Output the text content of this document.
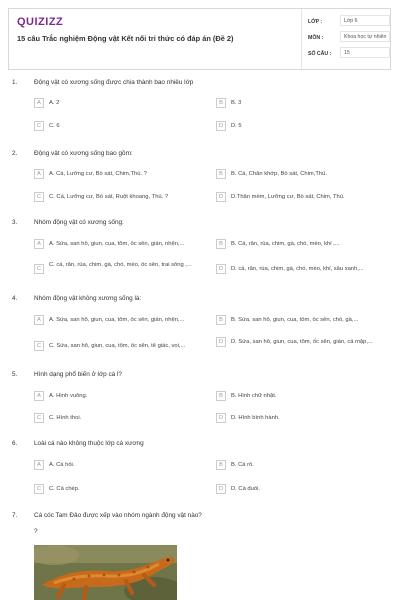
QUIZIZZ
15 câu Trắc nghiệm Động vật Kết nối tri thức có đáp án (Đề 2)
LỚP :	Lớp 6
MÔN :	Khoa học tự nhiên
SỐ CÂU :	15
1.	Động vật có xương sống được chia thành bao nhiêu lớp
A	A. 2	B	B. 3
C	C. 6	D	D. 5
2.	Động vật có xương sống bao gồm:
A	A. Cá, Lưỡng cư, Bò sát, Chim,Thú. ?	B	B. Cá, Chân khớp, Bò sát, Chim,Thú.
C	C. Cá, Lưỡng cư, Bò sát, Ruột khoang, Thú. ?	D	D.Thân mềm, Lưỡng cư, Bò sát, Chim, Thú.
3.	Nhóm động vật có xương sống:
A	A. Sứa, san hô, giun, cua, tôm, ốc sên, gián, nhện,...	B	B. Cá, rắn, rùa, chim, gà, chó, mèo, khỉ ,...
C
C. cá, rắn, rùa, chim, gà, chó, mèo, ốc sên, trai sông ,...
D	D. cá, rắn, rùa, chim, gà, chó, mèo, khỉ, sâu xanh,...
4.	Nhóm động vật không xương sống là:
A	A. Sứa, san hô, giun, cua, tôm, ốc sên, gián, nhện,...	B	B. Sứa, san hô, giun, cua, tôm, ốc sên, chó, gà,...
C	C. Sứa, san hô, giun, cua, tôm, ốc sên, tê giác, voi,...
D	D. Sứa, san hô, giun, cua, tôm, ốc sên, gián, cá mập,...
5.	Hình dạng phổ biến ở lớp cá l?
A	A. Hình vuông.	B	B. Hình chữ nhật.
C	C. Hình thoi.	D	D. Hình bình hành.
6.	Loài cá nào không thuộc lớp cá xương
A	A. Cá hồi.	B	B. Cá rô.
C	C. Cá chép.	D	D. Cá đuối.
7.	Cá cóc Tam Đảo được xếp vào nhóm ngành động vật nào?
?
